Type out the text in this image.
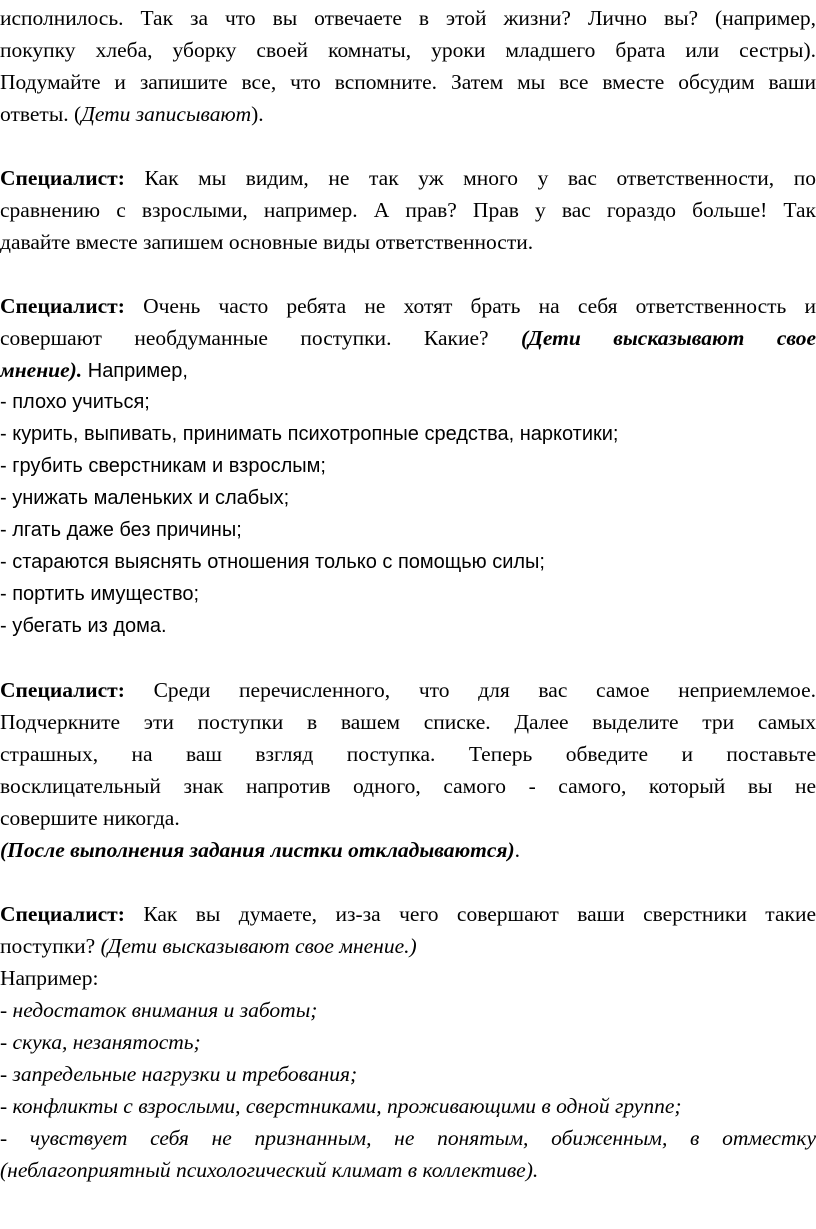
исполнилось. Так за что вы отвечаете в этой жизни? Лично вы? (например,
покупку хлеба, уборку своей комнаты, уроки младшего брата или сестры).
Подумайте и запишите все, что вспомните. Затем мы все вместе обсудим ваши
ответы. (Дети записывают).
Специалист: Как мы видим, не так уж много у вас ответственности, по
сравнению с взрослыми, например. А прав? Прав у вас гораздо больше! Так
давайте вместе запишем основные виды ответственности.
Специалист: Очень часто ребята не хотят брать на себя ответственность и
совершают необдуманные поступки. Какие? (Дети высказывают свое
мнение). Например,
- плохо учиться;
- курить, выпивать, принимать психотропные средства, наркотики;
- грубить сверстникам и взрослым;
- унижать маленьких и слабых;
- лгать даже без причины;
- стараются выяснять отношения только с помощью силы;
- портить имущество;
- убегать из дома.
Специалист: Среди перечисленного, что для вас самое неприемлемое.
Подчеркните эти поступки в вашем списке. Далее выделите три самых
страшных, на ваш взгляд поступка. Теперь обведите и поставьте
восклицательный знак напротив одного, самого - самого, который вы не
совершите никогда.
(После выполнения задания листки откладываются).
Специалист: Как вы думаете, из-за чего совершают ваши сверстники такие
поступки? (Дети высказывают свое мнение.)
Например:
- недостаток внимания и заботы;
- скука, незанятость;
- запредельные нагрузки и требования;
- конфликты с взрослыми, сверстниками, проживающими в одной группе;
- чувствует себя не признанным, не понятым, обиженным, в отместку
(неблагоприятный психологический климат в коллективе).
